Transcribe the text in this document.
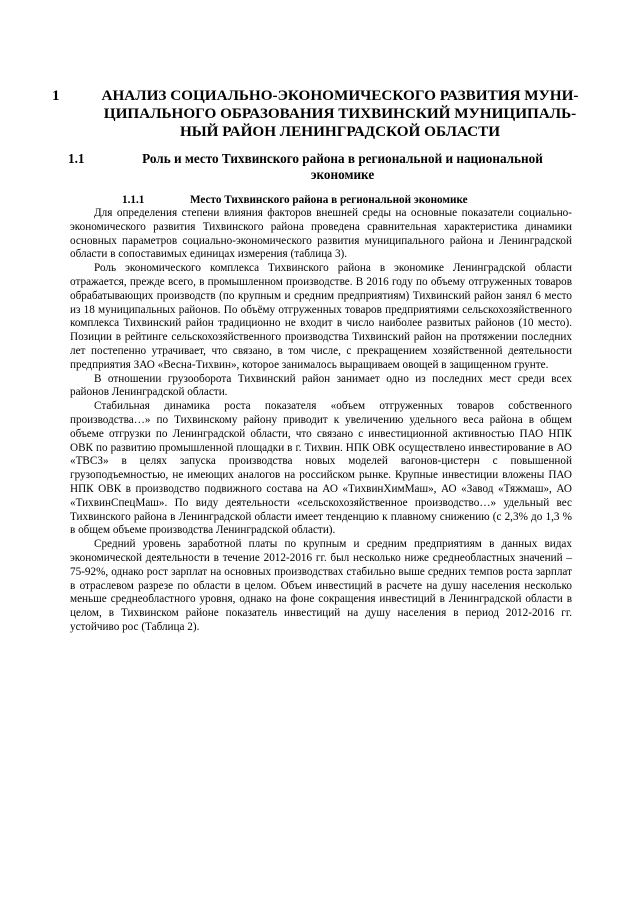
1	АНАЛИЗ СОЦИАЛЬНО-ЭКОНОМИЧЕСКОГО РАЗВИТИЯ МУНИ-ЦИПАЛЬНОГО ОБРАЗОВАНИЯ ТИХВИНСКИЙ МУНИЦИПАЛЬ-НЫЙ РАЙОН ЛЕНИНГРАДСКОЙ ОБЛАСТИ
1.1	Роль и место Тихвинского района в региональной и национальной экономике
1.1.1	Место Тихвинского района в региональной экономике

Для определения степени влияния факторов внешней среды на основные показатели социально-экономического развития Тихвинского района проведена сравнительная характеристика динамики основных параметров социально-экономического развития муниципального района и Ленинградской области в сопоставимых единицах измерения (таблица 3).

Роль экономического комплекса Тихвинского района в экономике Ленинградской области отражается, прежде всего, в промышленном производстве. В 2016 году по объему отгруженных товаров обрабатывающих производств (по крупным и средним предприятиям) Тихвинский район занял 6 место из 18 муниципальных районов. По объёму отгруженных товаров предприятиями сельскохозяйственного комплекса Тихвинский район традиционно не входит в число наиболее развитых районов (10 место). Позиции в рейтинге сельскохозяйственного производства Тихвинский район на протяжении последних лет постепенно утрачивает, что связано, в том числе, с прекращением хозяйственной деятельности предприятия ЗАО «Весна-Тихвин», которое занималось выращиваем овощей в защищенном грунте.

В отношении грузооборота Тихвинский район занимает одно из последних мест среди всех районов Ленинградской области.

Стабильная динамика роста показателя «объем отгруженных товаров собственного производства…» по Тихвинскому району приводит к увеличению удельного веса района в общем объеме отгрузки по Ленинградской области, что связано с инвестиционной активностью ПАО НПК ОВК по развитию промышленной площадки в г. Тихвин. НПК ОВК осуществлено инвестирование в АО «ТВСЗ» в целях запуска производства новых моделей вагонов-цистерн с повышенной грузоподъемностью, не имеющих аналогов на российском рынке. Крупные инвестиции вложены ПАО НПК ОВК в производство подвижного состава на АО «ТихвинХимМаш», АО «Завод «Тяжмаш», АО «ТихвинСпецМаш». По виду деятельности «сельскохозяйственное производство…» удельный вес Тихвинского района в Ленинградской области имеет тенденцию к плавному снижению (с 2,3% до 1,3 % в общем объеме производства Ленинградской области).

Средний уровень заработной платы по крупным и средним предприятиям в данных видах экономической деятельности в течение 2012-2016 гг. был несколько ниже среднеобластных значений – 75-92%, однако рост зарплат на основных производствах стабильно выше средних темпов роста зарплат в отраслевом разрезе по области в целом. Объем инвестиций в расчете на душу населения несколько меньше среднеобластного уровня, однако на фоне сокращения инвестиций в Ленинградской области в целом, в Тихвинском районе показатель инвестиций на душу населения в период 2012-2016 гг. устойчиво рос (Таблица 2).
